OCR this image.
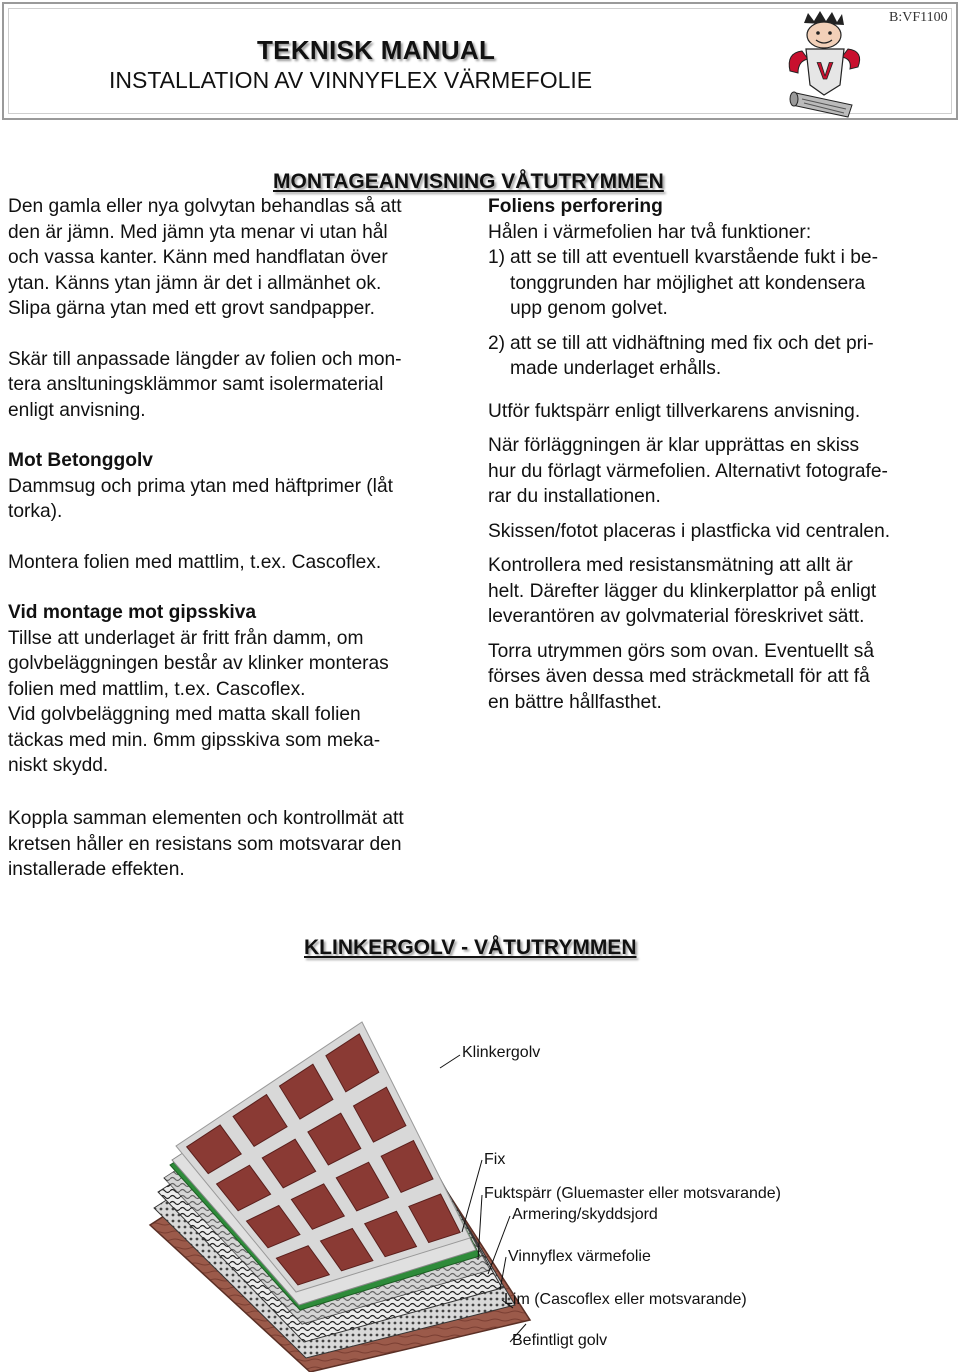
TEKNISK MANUAL
INSTALLATION AV VINNYFLEX VÄRMEFOLIE	V
B:VF1100
MONTAGEANVISNING VÅTUTRYMMEN

Den gamla eller nya golvytan behandlas så att

den är jämn. Med jämn yta menar vi utan hål

och vassa kanter. Känn med handflatan över

ytan. Känns ytan jämn är det i allmänhet ok.

Slipa gärna ytan med ett grovt sandpapper.

Skär till anpassade längder av folien och mon-

tera ansltuningsklämmor samt isolermaterial

enligt anvisning.

Mot Betonggolv

Dammsug och prima ytan med häftprimer (låt

torka).

Montera folien med mattlim, t.ex. Cascoflex.

Vid montage mot gipsskiva

Tillse att underlaget är fritt från damm, om

golvbeläggningen består av klinker monteras

folien med mattlim, t.ex. Cascoflex.

Vid golvbeläggning med matta skall folien

täckas med min. 6mm gipsskiva som meka-

niskt skydd.

Koppla samman elementen och kontrollmät att

kretsen håller en resistans som motsvarar den

installerade effekten.

Foliens perforering

Hålen i värmefolien har två funktioner:

1) att se till att eventuell kvarstående fukt i be-

tonggrunden har möjlighet att kondensera

upp genom golvet.

2) att se till att vidhäftning med fix och det pri-

made underlaget erhålls.

Utför fuktspärr enligt tillverkarens anvisning.

När förläggningen är klar upprättas en skiss

hur du förlagt värmefolien. Alternativt fotografe-

rar du installationen.

Skissen/fotot placeras i plastficka vid centralen.

Kontrollera med resistansmätning att allt är

helt. Därefter lägger du klinkerplattor på enligt

leverantören av golvmaterial föreskrivet sätt.

Torra utrymmen görs som ovan. Eventuellt så

förses även dessa med sträckmetall för att få

en bättre hållfasthet.

KLINKERGOLV - VÅTUTRYMMEN
Klinkergolv
Fix
Fuktspärr (Gluemaster eller motsvarande)
Armering/skyddsjord
Vinnyflex värmefolie
Lim (Cascoflex eller motsvarande)
Befintligt golv
